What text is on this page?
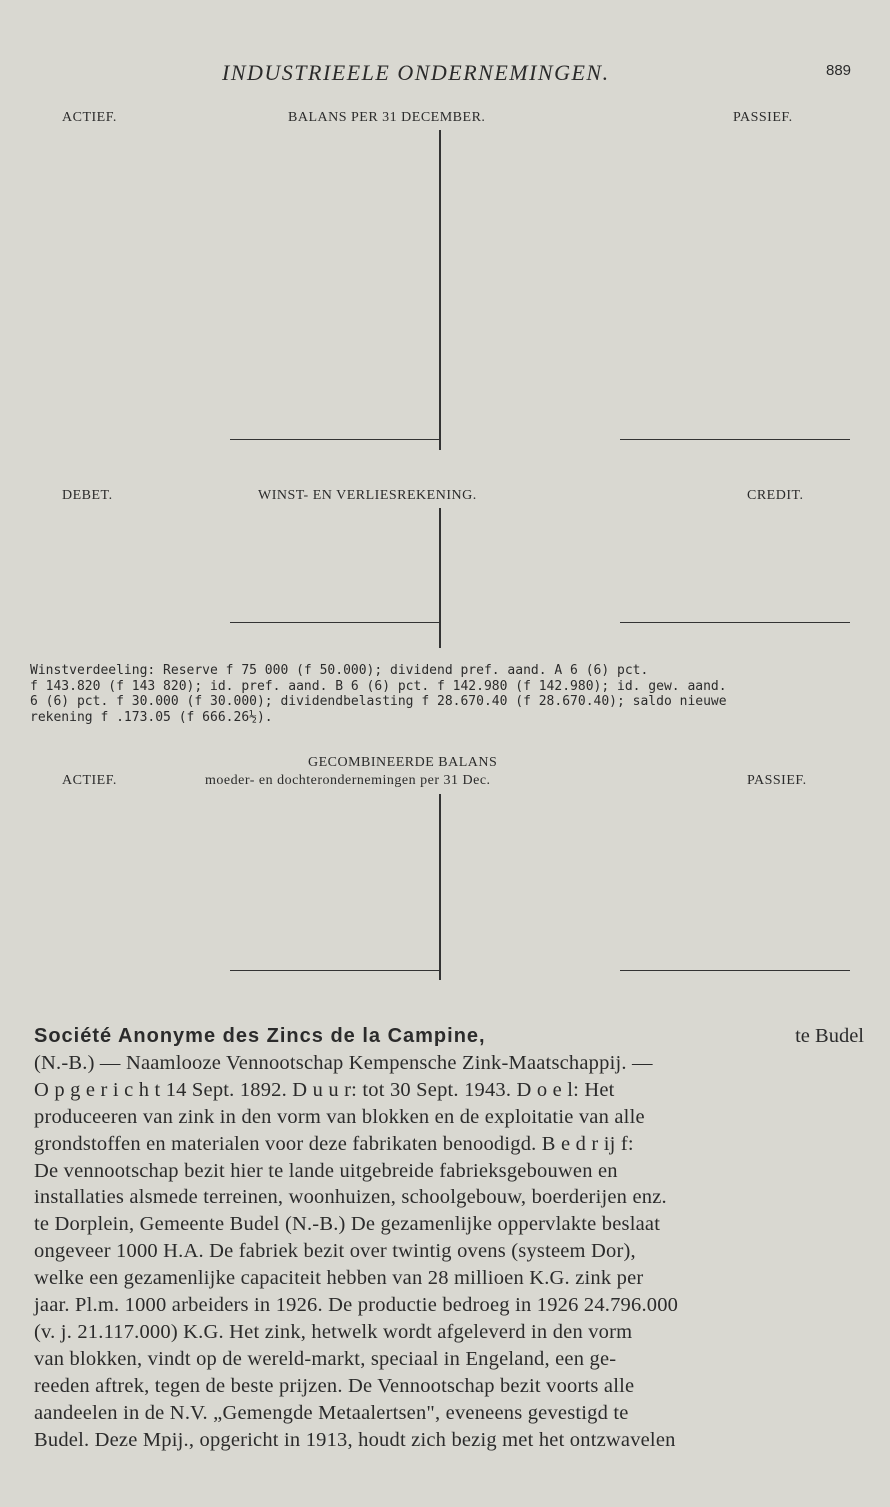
INDUSTRIEELE ONDERNEMINGEN.	889
ACTIEF.	BALANS PER 31 DECEMBER.	PASSIEF.
DEBET.	WINST- EN VERLIESREKENING.	CREDIT.
Winstverdeeling: Reserve f 75 000 (f 50.000); dividend pref. aand. A 6 (6) pct.
f 143.820 (f 143 820); id. pref. aand. B 6 (6) pct. f 142.980 (f 142.980); id. gew. aand.
6 (6) pct. f 30.000 (f 30.000); dividendbelasting f 28.670.40 (f 28.670.40); saldo nieuwe
rekening f .173.05 (f 666.26½).
GECOMBINEERDE BALANS
ACTIEF.	moeder- en dochterondernemingen per 31 Dec.	PASSIEF.
Société Anonyme des Zincs de la Campine,	te Budel
(N.-B.) — Naamlooze Vennootschap Kempensche Zink-Maatschappij. —
O p g e r i c h t 14 Sept. 1892. D u u r: tot 30 Sept. 1943. D o e l: Het
produceeren van zink in den vorm van blokken en de exploitatie van alle
grondstoffen en materialen voor deze fabrikaten benoodigd. B e d r ij f:
De vennootschap bezit hier te lande uitgebreide fabrieksgebouwen en
installaties alsmede terreinen, woonhuizen, schoolgebouw, boerderijen enz.
te Dorplein, Gemeente Budel (N.-B.) De gezamenlijke oppervlakte beslaat
ongeveer 1000 H.A. De fabriek bezit over twintig ovens (systeem Dor),
welke een gezamenlijke capaciteit hebben van 28 millioen K.G. zink per
jaar. Pl.m. 1000 arbeiders in 1926. De productie bedroeg in 1926 24.796.000
(v. j. 21.117.000) K.G. Het zink, hetwelk wordt afgeleverd in den vorm
van blokken, vindt op de wereld-markt, speciaal in Engeland, een ge-
reeden aftrek, tegen de beste prijzen. De Vennootschap bezit voorts alle
aandeelen in de N.V. „Gemengde Metaalertsen", eveneens gevestigd te
Budel. Deze Mpij., opgericht in 1913, houdt zich bezig met het ontzwavelen
